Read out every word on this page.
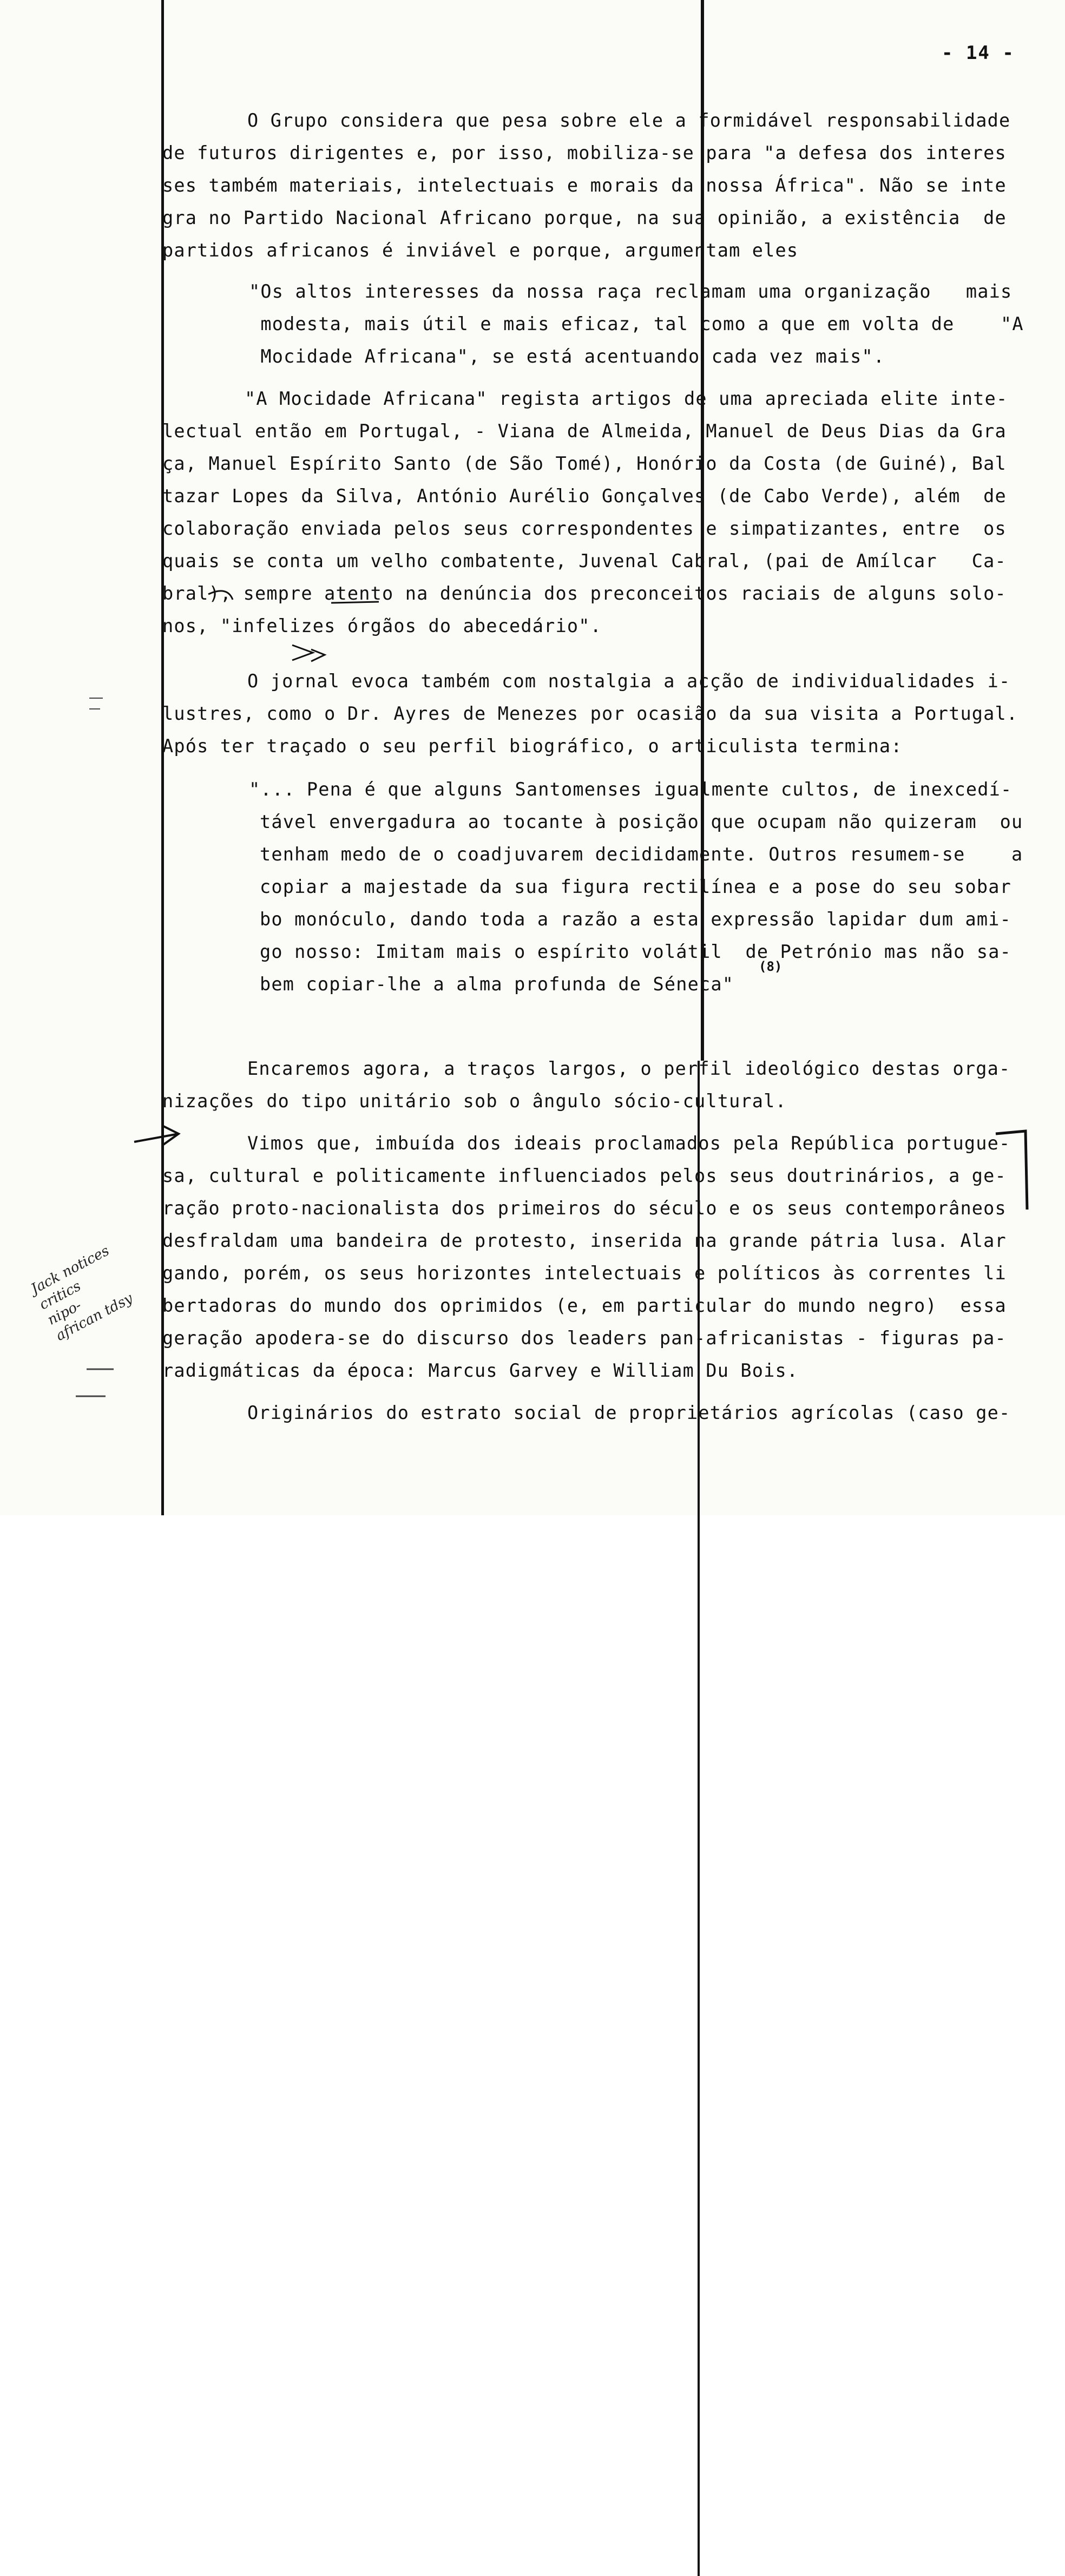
- 14 -
O Grupo considera que pesa sobre ele a formidável responsabilidade
de futuros dirigentes e, por isso, mobiliza-se para "a defesa dos interes
ses também materiais, intelectuais e morais da nossa África". Não se inte
gra no Partido Nacional Africano porque, na sua opinião, a existência  de
partidos africanos é inviável e porque, argumentam eles
"Os altos interesses da nossa raça reclamam uma organização   mais
modesta, mais útil e mais eficaz, tal como a que em volta de    "A
Mocidade Africana", se está acentuando cada vez mais".
"A Mocidade Africana" regista artigos de uma apreciada elite inte-
lectual então em Portugal, - Viana de Almeida, Manuel de Deus Dias da Gra
ça, Manuel Espírito Santo (de São Tomé), Honório da Costa (de Guiné), Bal
tazar Lopes da Silva, António Aurélio Gonçalves (de Cabo Verde), além  de
colaboração enviada pelos seus correspondentes e simpatizantes, entre  os
quais se conta um velho combatente, Juvenal Cabral, (pai de Amílcar   Ca-
bral), sempre atento na denúncia dos preconceitos raciais de alguns solo-
nos, "infelizes órgãos do abecedário".
O jornal evoca também com nostalgia a acção de individualidades i-
lustres, como o Dr. Ayres de Menezes por ocasião da sua visita a Portugal.
Após ter traçado o seu perfil biográfico, o articulista termina:
"... Pena é que alguns Santomenses igualmente cultos, de inexcedí-
tável envergadura ao tocante à posição que ocupam não quizeram  ou
tenham medo de o coadjuvarem decididamente. Outros resumem-se    a
copiar a majestade da sua figura rectilínea e a pose do seu sobar
bo monóculo, dando toda a razão a esta expressão lapidar dum ami-
go nosso: Imitam mais o espírito volátil  de Petrónio mas não sa-
bem copiar-lhe a alma profunda de Séneca"
(8)
Encaremos agora, a traços largos, o perfil ideológico destas orga-
nizações do tipo unitário sob o ângulo sócio-cultural.
Vimos que, imbuída dos ideais proclamados pela República portugue-
sa, cultural e politicamente influenciados pelos seus doutrinários, a ge-
ração proto-nacionalista dos primeiros do século e os seus contemporâneos
desfraldam uma bandeira de protesto, inserida na grande pátria lusa. Alar
gando, porém, os seus horizontes intelectuais e políticos às correntes li
bertadoras do mundo dos oprimidos (e, em particular do mundo negro)  essa
geração apodera-se do discurso dos leaders pan-africanistas - figuras pa-
radigmáticas da época: Marcus Garvey e William Du Bois.
Originários do estrato social de proprietários agrícolas (caso ge-
Jack notices
critics
nipo-
african tdsy
